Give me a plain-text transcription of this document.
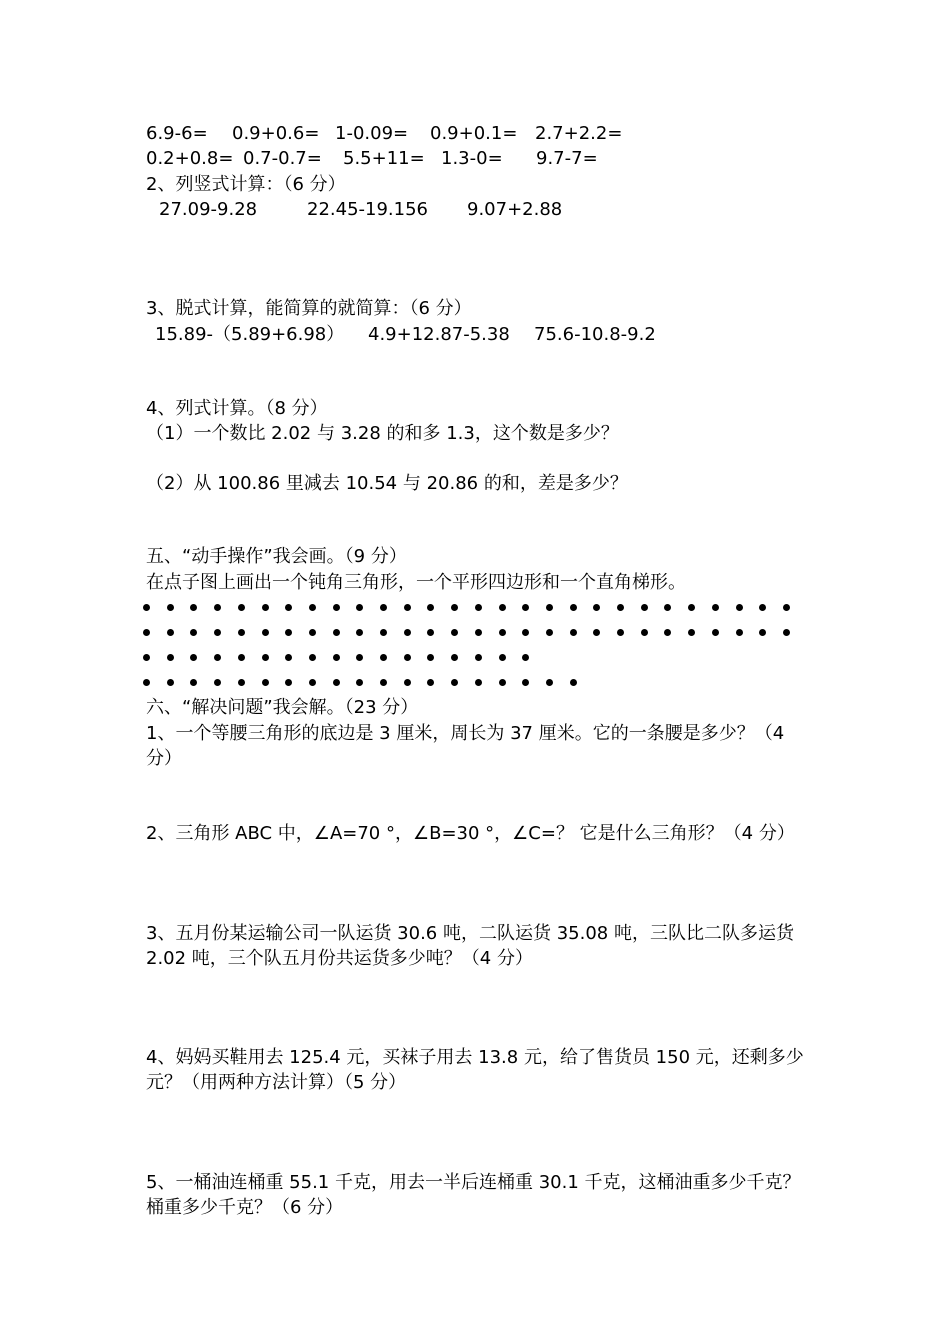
6.9-6= 0.9+0.6= 1-0.09= 0.9+0.1= 2.7+2.2=
0.2+0.8= 0.7-0.7= 5.5+11= 1.3-0= 9.7-7=
2、列竖式计算：（6 分）
27.09-9.28	22.45-19.156 9.07+2.88
3、脱式计算，能简算的就简算：（6 分）
15.89-（5.89+6.98） 4.9+12.87-5.38 75.6-10.8-9.2
4、列式计算。（8 分）
（1）一个数比 2.02 与 3.28 的和多 1.3，这个数是多少？
（2）从 100.86 里减去 10.54 与 20.86 的和，差是多少？
五、“动手操作”我会画。（9 分）
在点子图上画出一个钝角三角形，一个平形四边形和一个直角梯形。
六、“解决问题”我会解。（23 分）
1、一个等腰三角形的底边是 3 厘米，周长为 37 厘米。它的一条腰是多少？（4 分）
2、三角形 ABC 中，∠A=70 °，∠B=30 °，∠C=？ 它是什么三角形？（4 分）
3、五月份某运输公司一队运货 30.6 吨，二队运货 35.08 吨，三队比二队多运货 2.02 吨，三个队五月份共运货多少吨？（4 分）
4、妈妈买鞋用去 125.4 元，买袜子用去 13.8 元，给了售货员 150 元，还剩多少元？（用两种方法计算）（5 分）
5、一桶油连桶重 55.1 千克，用去一半后连桶重 30.1 千克，这桶油重多少千克？桶重多少千克？（6 分）
